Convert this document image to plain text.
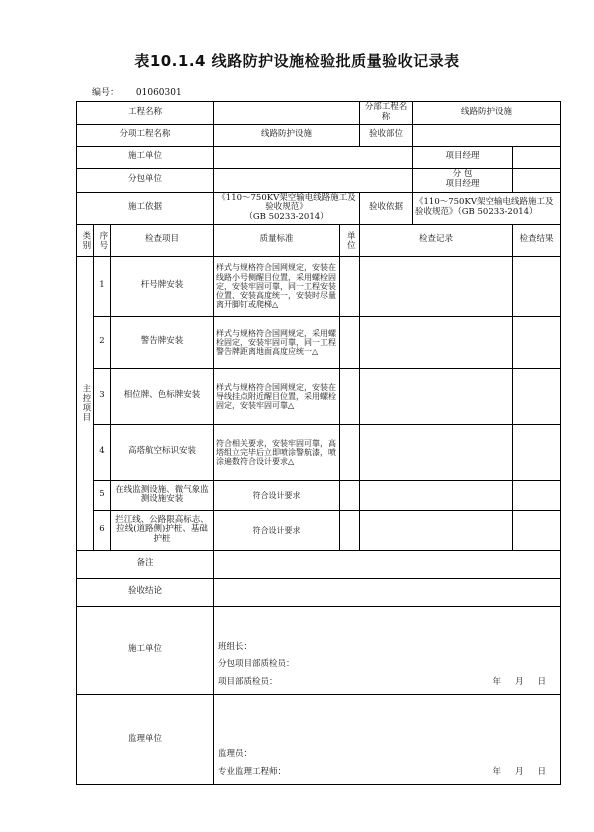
表10.1.4 线路防护设施检验批质量验收记录表
编号： 01060301
工程名称					分部工程名称	线路防护设施	
分项工程名称			线路防护设施		验收部位		
施工单位						项目经理	
分包单位						分 包
项目经理	
施工依据			《110～750KV架空输电线路施工及验收规范》
（GB 50233-2014）		验收依据	《110～750KV架空输电线路施工及验收规范》（GB 50233-2014）	
类别	序号	检查项目	质量标准	单位	检查记录		检查结果
主控项目	1	杆号牌安装	样式与规格符合国网规定，安装在线路小号侧醒目位置，采用螺栓固定，安装牢固可靠，同一工程安装位置、安装高度统一，安装时尽量离开脚钉或爬梯△				
	2	警告牌安装	样式与规格符合国网规定，采用螺栓固定，安装牢固可靠，同一工程警告牌距离地面高度应统一△				
	3	相位牌、色标牌安装	样式与规格符合国网规定，安装在导线挂点附近醒目位置，采用螺栓固定，安装牢固可靠△				
	4	高塔航空标识安装	符合相关要求，安装牢固可靠，高塔组立完毕后立即喷涂警航漆，喷涂遍数符合设计要求△				
	5	在线监测设施、微气象监测设施安装	符合设计要求				
	6	拦江线、公路限高标志、拉线(道路侧)护桩、基础护桩	符合设计要求				
备注							
验收结论							
施工单位			班组长：
分包项目部质检员：
项目部质检员： 年 月 日				

监理单位			监理员：
专业监理工程师： 年 月 日				
